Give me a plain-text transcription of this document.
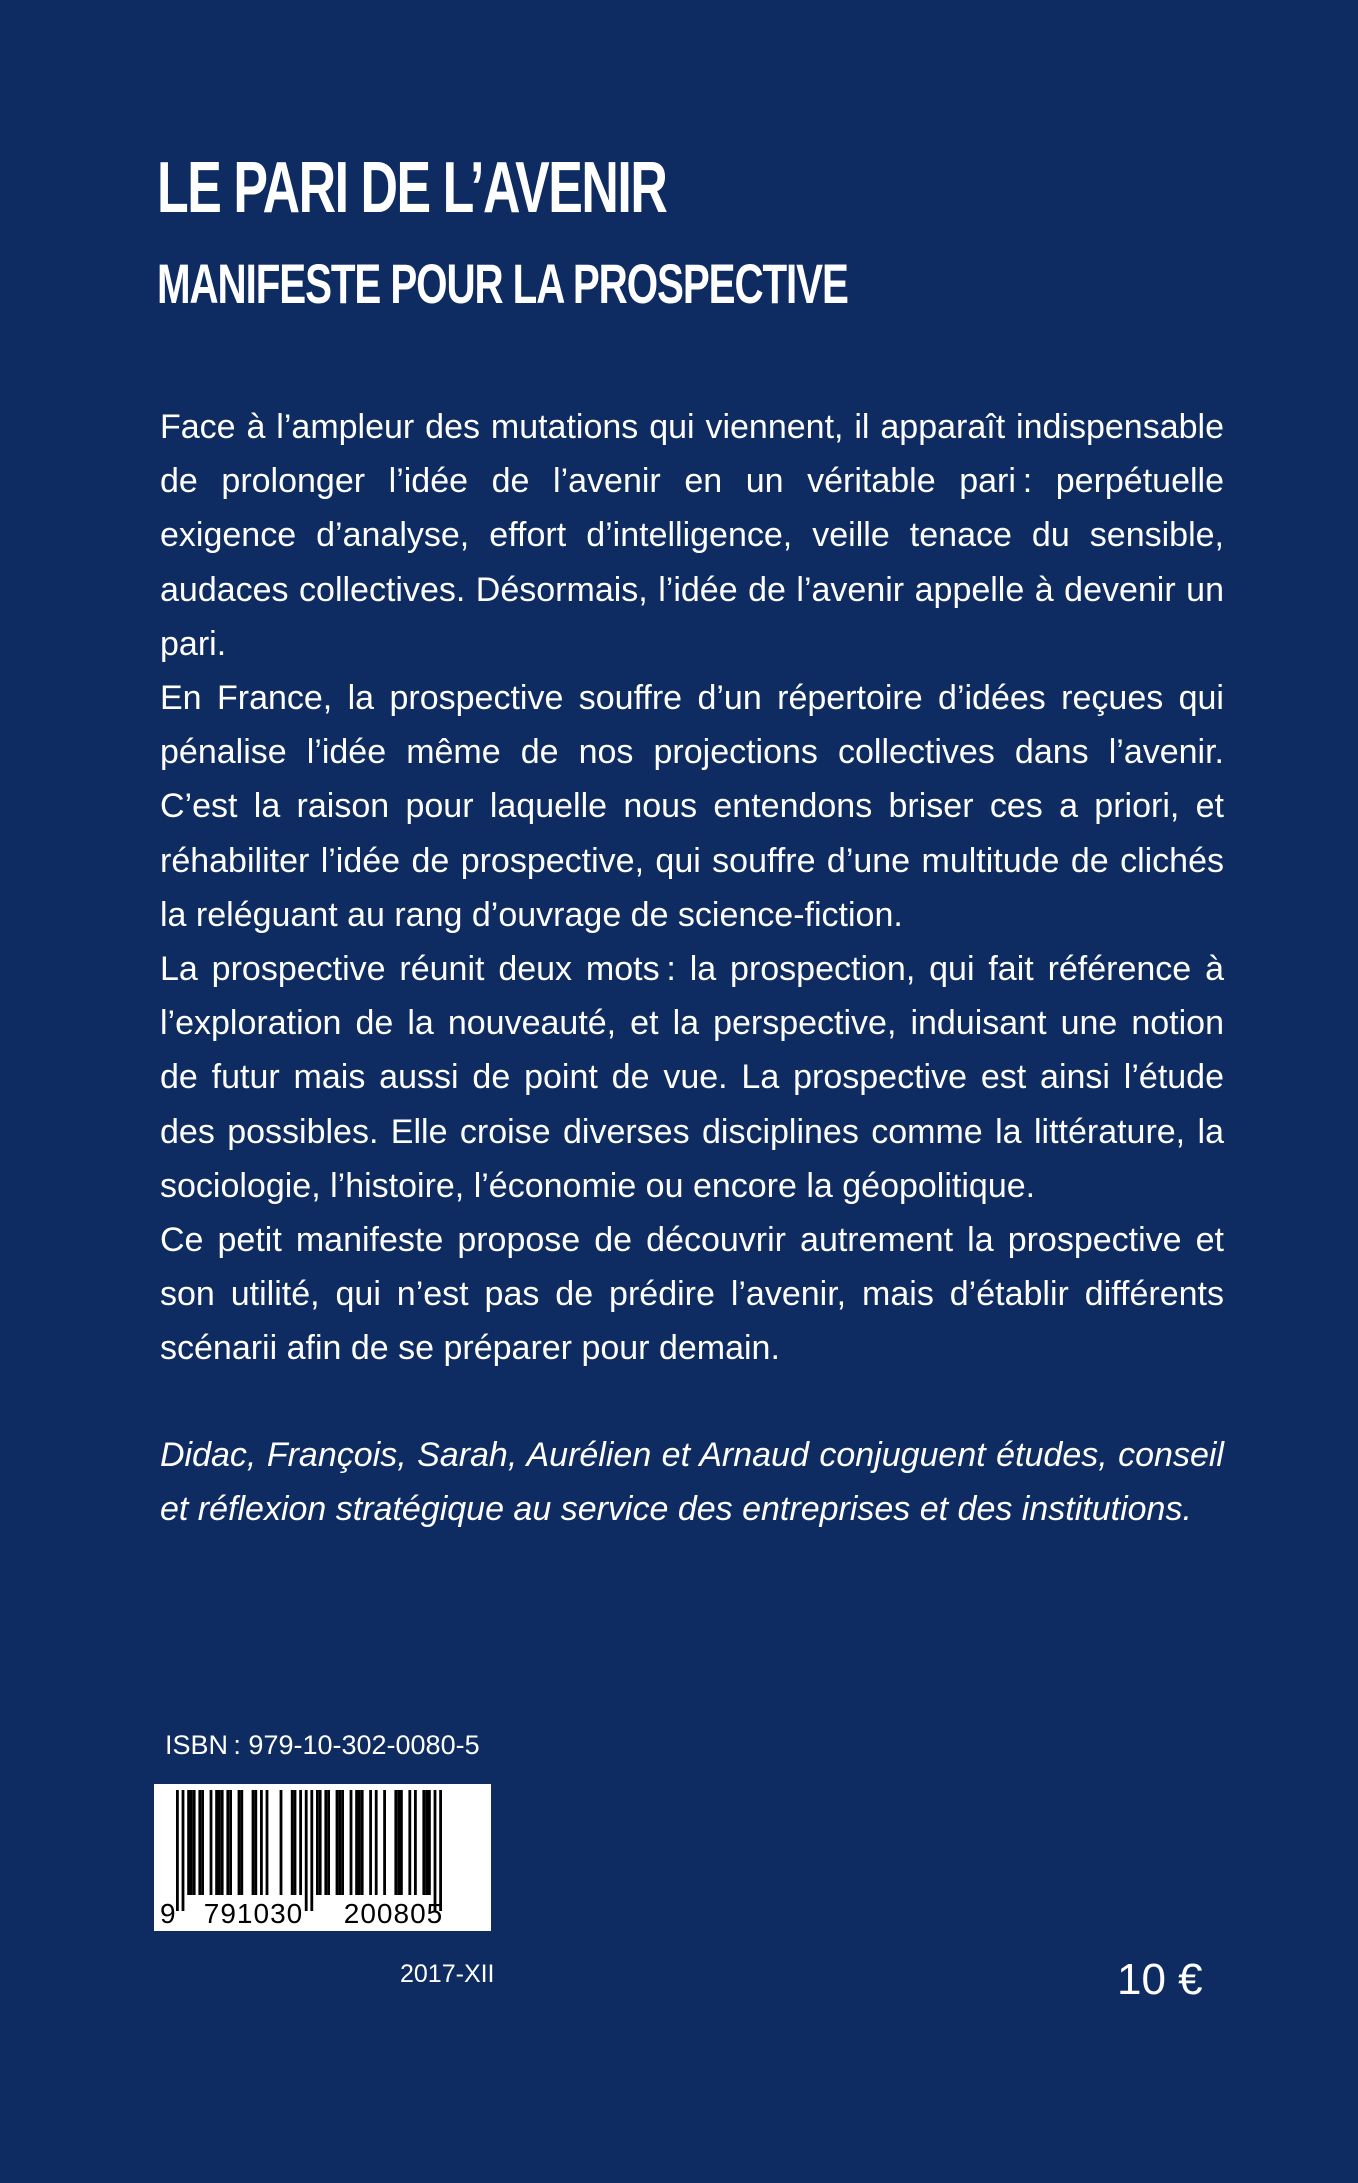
LE PARI DE L’AVENIR
MANIFESTE POUR LA PROSPECTIVE

Face à l’ampleur des mutations qui viennent, il apparaît indispensable de prolonger l’idée de l’avenir en un véritable pari : perpétuelle exigence d’analyse, effort d’intelligence, veille tenace du sensible, audaces collectives. Désormais, l’idée de l’avenir appelle à devenir un pari.

En France, la prospective souffre d’un répertoire d’idées reçues qui pénalise l’idée même de nos projections collectives dans l’avenir. C’est la raison pour laquelle nous entendons briser ces a priori, et réhabiliter l’idée de prospective, qui souffre d’une multitude de clichés la reléguant au rang d’ouvrage de science-fiction.

La prospective réunit deux mots : la prospection, qui fait référence à l’exploration de la nouveauté, et la perspective, induisant une notion de futur mais aussi de point de vue. La prospective est ainsi l’étude des possibles. Elle croise diverses disciplines comme la littérature, la sociologie, l’histoire, l’économie ou encore la géopolitique.

Ce petit manifeste propose de découvrir autrement la prospective et son utilité, qui n’est pas de prédire l’avenir, mais d’établir différents scénarii afin de se préparer pour demain.

Didac, François, Sarah, Aurélien et Arnaud conjuguent études, conseil et réflexion stratégique au service des entreprises et des institutions.

ISBN : 979-10-302-0080-5
9	791030	200805
2017-XII	10 €
